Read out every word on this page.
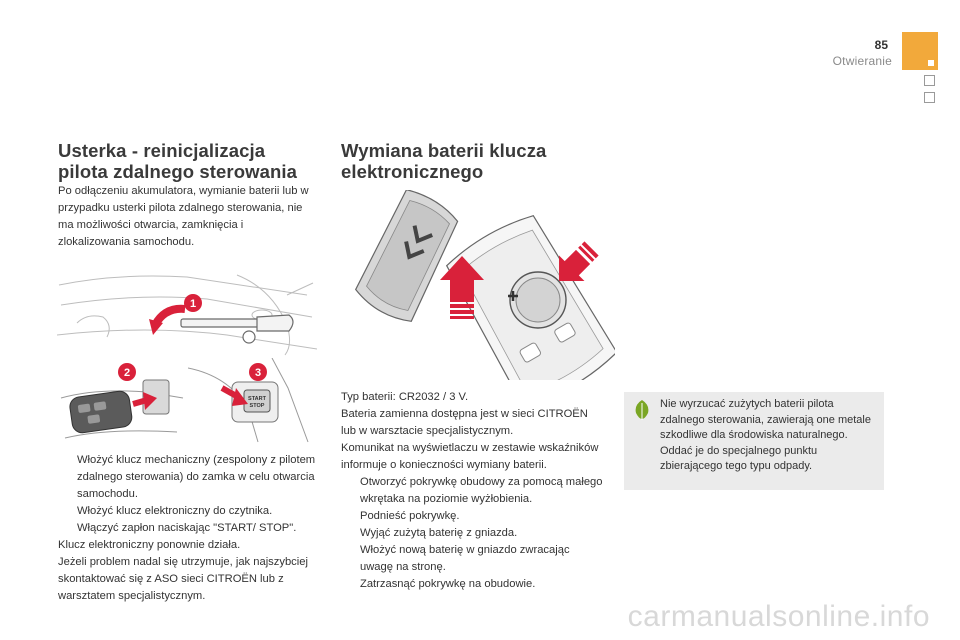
85
Otwieranie
Usterka - reinicjalizacja
pilota zdalnego sterowania
Po odłączeniu akumulatora, wymianie baterii lub w przypadku usterki pilota zdalnego sterowania, nie ma możliwości otwarcia, zamknięcia i zlokalizowania samochodu.
1
2
START
STOP
3
Włożyć klucz mechaniczny (zespolony z pilotem zdalnego sterowania) do zamka w celu otwarcia samochodu.
Włożyć klucz elektroniczny do czytnika.
Włączyć zapłon naciskając "START/ STOP".
Klucz elektroniczny ponownie działa.
Jeżeli problem nadal się utrzymuje, jak najszybciej skontaktować się z ASO sieci CITROËN lub z warsztatem specjalistycznym.
Wymiana baterii klucza
elektronicznego
Typ baterii: CR2032 / 3 V.
Bateria zamienna dostępna jest w sieci CITROËN lub w warsztacie specjalistycznym.
Komunikat na wyświetlaczu w zestawie wskaźników informuje o konieczności wymiany baterii.
Otworzyć pokrywkę obudowy za pomocą małego wkrętaka na poziomie wyżłobienia.
Podnieść pokrywkę.
Wyjąć zużytą baterię z gniazda.
Włożyć nową baterię w gniazdo zwracając uwagę na stronę.
Zatrzasnąć pokrywkę na obudowie.
Nie wyrzucać zużytych baterii pilota zdalnego sterowania, zawierają one metale szkodliwe dla środowiska naturalnego.
Oddać je do specjalnego punktu zbierającego tego typu odpady.
carmanualsonline.info
